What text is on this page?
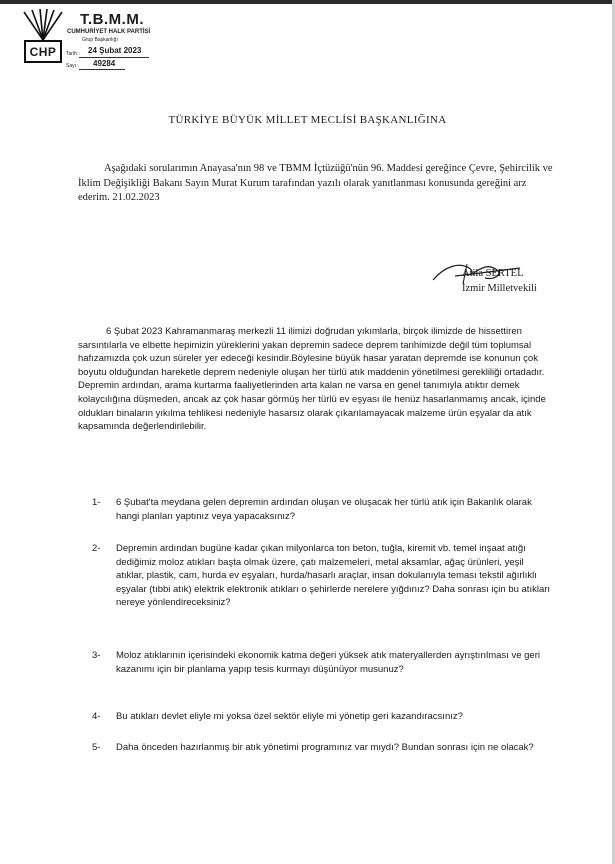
CHP
T.B.M.M.
CUMHURİYET HALK PARTİSİ
Grup Başkanlığı
Tarih : 24 Şubat 2023
Sayı : 49284
TÜRKİYE BÜYÜK MİLLET MECLİSİ BAŞKANLIĞINA

Aşağıdaki sorularımın Anayasa'nın 98 ve TBMM İçtüzüğü'nün 96. Maddesi gereğince Çevre, Şehircilik ve İklim Değişikliği Bakanı Sayın Murat Kurum tarafından yazılı olarak yanıtlanması konusunda gereğini arz ederim. 21.02.2023

Atila SERTEL
İzmir Milletvekili

6 Şubat 2023 Kahramanmaraş merkezli 11 ilimizi doğrudan yıkımlarla, birçok ilimizde de hissettiren sarsıntılarla ve elbette hepimizin yüreklerini yakan depremin sadece deprem tarihimizde değil tüm toplumsal hafızamızda çok uzun süreler yer edeceği kesindir.Böylesine büyük hasar yaratan depremde ise konunun çok boyutu olduğundan hareketle deprem nedeniyle oluşan her türlü atık maddenin yönetilmesi gerekliliği ortadadır. Depremin ardından, arama kurtarma faaliyetlerinden arta kalan ne varsa en genel tanımıyla atıktır demek kolaycılığına düşmeden, ancak az çok hasar görmüş her türlü ev eşyası ile henüz hasarlanmamış ancak, içinde oldukları binaların yıkılma tehlikesi nedeniyle hasarsız olarak çıkarılamayacak malzeme ürün eşyalar da atık kapsamında değerlendirilebilir.

1- 6 Şubat'ta meydana gelen depremin ardından oluşan ve oluşacak her türlü atık için Bakanlık olarak hangi planları yaptınız veya yapacaksınız?
2- Depremin ardından bugüne kadar çıkan milyonlarca ton beton, tuğla, kiremit vb. temel inşaat atığı dediğimiz moloz atıkları başta olmak üzere, çatı malzemeleri, metal aksamlar, ağaç ürünleri, yeşil atıklar, plastik, cam, hurda ev eşyaları, hurda/hasarlı araçlar, insan dokulanıyla teması tekstil ağırlıklı eşyalar (tıbbi atık) elektrik elektronik atıkları o şehirlerde nerelere yığdınız? Daha sonrası için bu atıkları nereye yönlendireceksiniz?
3- Moloz atıklarının içerisindeki ekonomik katma değeri yüksek atık materyallerden ayrıştırılması ve geri kazanımı için bir planlama yapıp tesis kurmayı düşünüyor musunuz?
4- Bu atıkları devlet eliyle mi yoksa özel sektör eliyle mi yönetip geri kazandıracsınız?
5- Daha önceden hazırlanmış bir atık yönetimi programınız var mıydı? Bundan sonrası için ne olacak?
